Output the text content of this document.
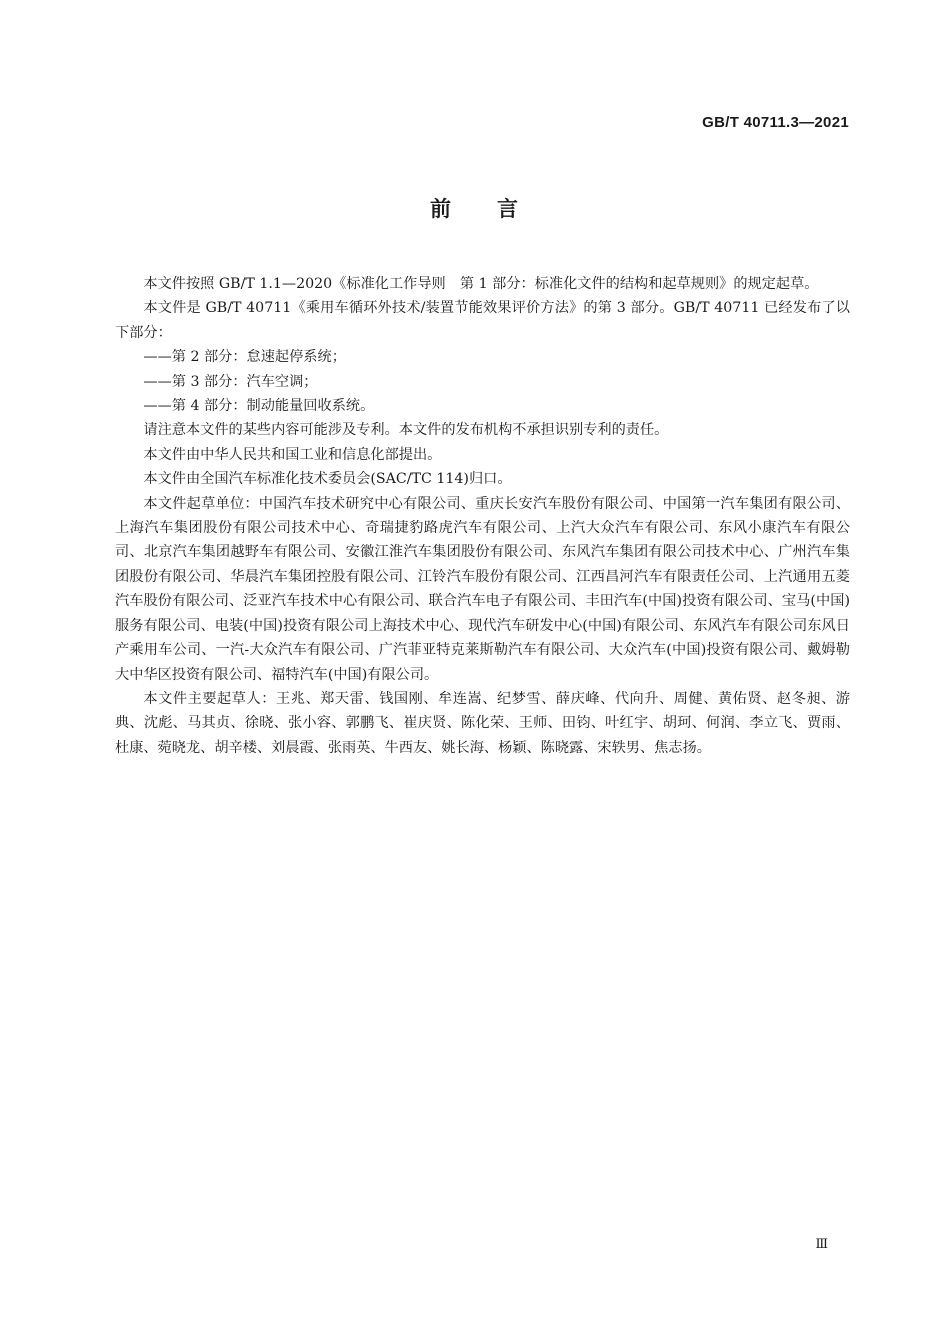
GB/T 40711.3—2021
前 言

本文件按照 GB/T 1.1—2020《标准化工作导则　第 1 部分：标准化文件的结构和起草规则》的规定起草。

本文件是 GB/T 40711《乘用车循环外技术/装置节能效果评价方法》的第 3 部分。GB/T 40711 已经发布了以下部分：

——第 2 部分：怠速起停系统；

——第 3 部分：汽车空调；

——第 4 部分：制动能量回收系统。

请注意本文件的某些内容可能涉及专利。本文件的发布机构不承担识别专利的责任。

本文件由中华人民共和国工业和信息化部提出。

本文件由全国汽车标准化技术委员会(SAC/TC 114)归口。

本文件起草单位：中国汽车技术研究中心有限公司、重庆长安汽车股份有限公司、中国第一汽车集团有限公司、上海汽车集团股份有限公司技术中心、奇瑞捷豹路虎汽车有限公司、上汽大众汽车有限公司、东风小康汽车有限公司、北京汽车集团越野车有限公司、安徽江淮汽车集团股份有限公司、东风汽车集团有限公司技术中心、广州汽车集团股份有限公司、华晨汽车集团控股有限公司、江铃汽车股份有限公司、江西昌河汽车有限责任公司、上汽通用五菱汽车股份有限公司、泛亚汽车技术中心有限公司、联合汽车电子有限公司、丰田汽车(中国)投资有限公司、宝马(中国)服务有限公司、电装(中国)投资有限公司上海技术中心、现代汽车研发中心(中国)有限公司、东风汽车有限公司东风日产乘用车公司、一汽-大众汽车有限公司、广汽菲亚特克莱斯勒汽车有限公司、大众汽车(中国)投资有限公司、戴姆勒大中华区投资有限公司、福特汽车(中国)有限公司。

本文件主要起草人：王兆、郑天雷、钱国刚、牟连嵩、纪梦雪、薛庆峰、代向升、周健、黄佑贤、赵冬昶、游典、沈彪、马其贞、徐晓、张小容、郭鹏飞、崔庆贤、陈化荣、王师、田钧、叶红宇、胡珂、何润、李立飞、贾雨、杜康、菀晓龙、胡辛楼、刘晨霞、张雨英、牛西友、姚长海、杨颖、陈晓露、宋轶男、焦志扬。

Ⅲ
